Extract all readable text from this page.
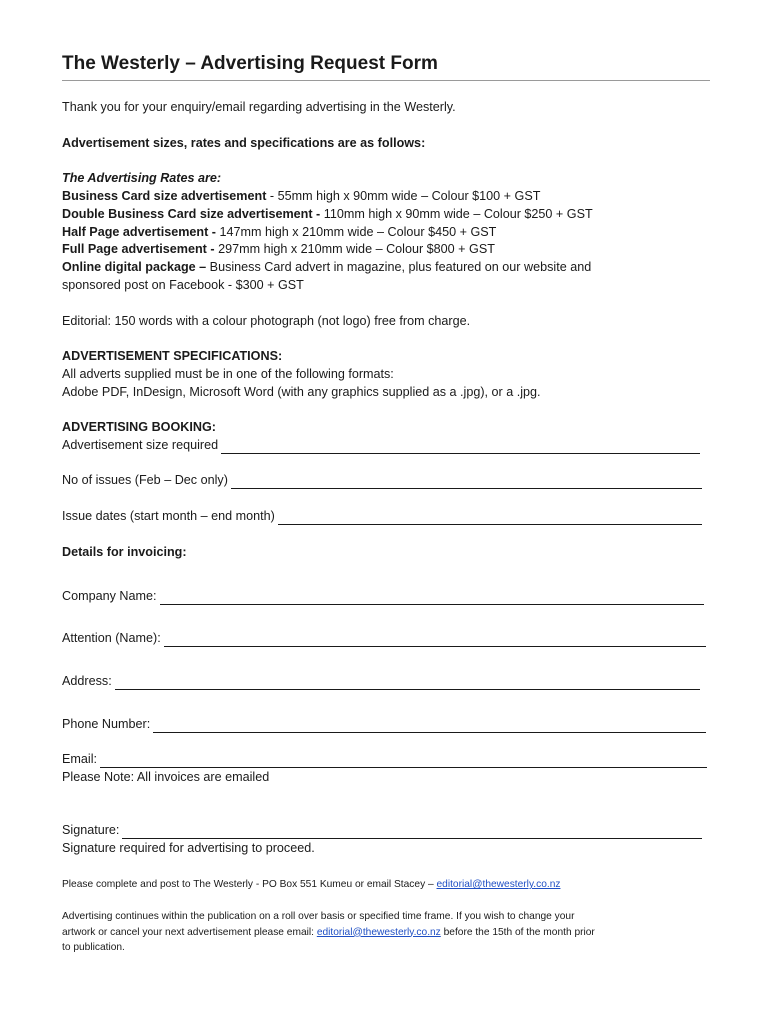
The Westerly – Advertising Request Form
Thank you for your enquiry/email regarding advertising in the Westerly.
Advertisement sizes, rates and specifications are as follows:
The Advertising Rates are:
Business Card size advertisement - 55mm high x 90mm wide – Colour $100 + GST
Double Business Card size advertisement - 110mm high x 90mm wide – Colour $250 + GST
Half Page advertisement - 147mm high x 210mm wide – Colour $450 + GST
Full Page advertisement - 297mm high x 210mm wide – Colour $800 + GST
Online digital package – Business Card advert in magazine, plus featured on our website and
sponsored post on Facebook - $300 + GST
Editorial: 150 words with a colour photograph (not logo) free from charge.
ADVERTISEMENT SPECIFICATIONS:
All adverts supplied must be in one of the following formats:
Adobe PDF, InDesign, Microsoft Word (with any graphics supplied as a .jpg), or a .jpg.
ADVERTISING BOOKING:
Advertisement size required
No of issues (Feb – Dec only)
Issue dates (start month – end month)
Details for invoicing:
Company Name:
Attention (Name):
Address:
Phone Number:
Email:
Please Note: All invoices are emailed
Signature:
Signature required for advertising to proceed.
Please complete and post to The Westerly - PO Box 551 Kumeu or email Stacey – editorial@thewesterly.co.nz
Advertising continues within the publication on a roll over basis or specified time frame. If you wish to change your
artwork or cancel your next advertisement please email: editorial@thewesterly.co.nz before the 15th of the month prior
to publication.
